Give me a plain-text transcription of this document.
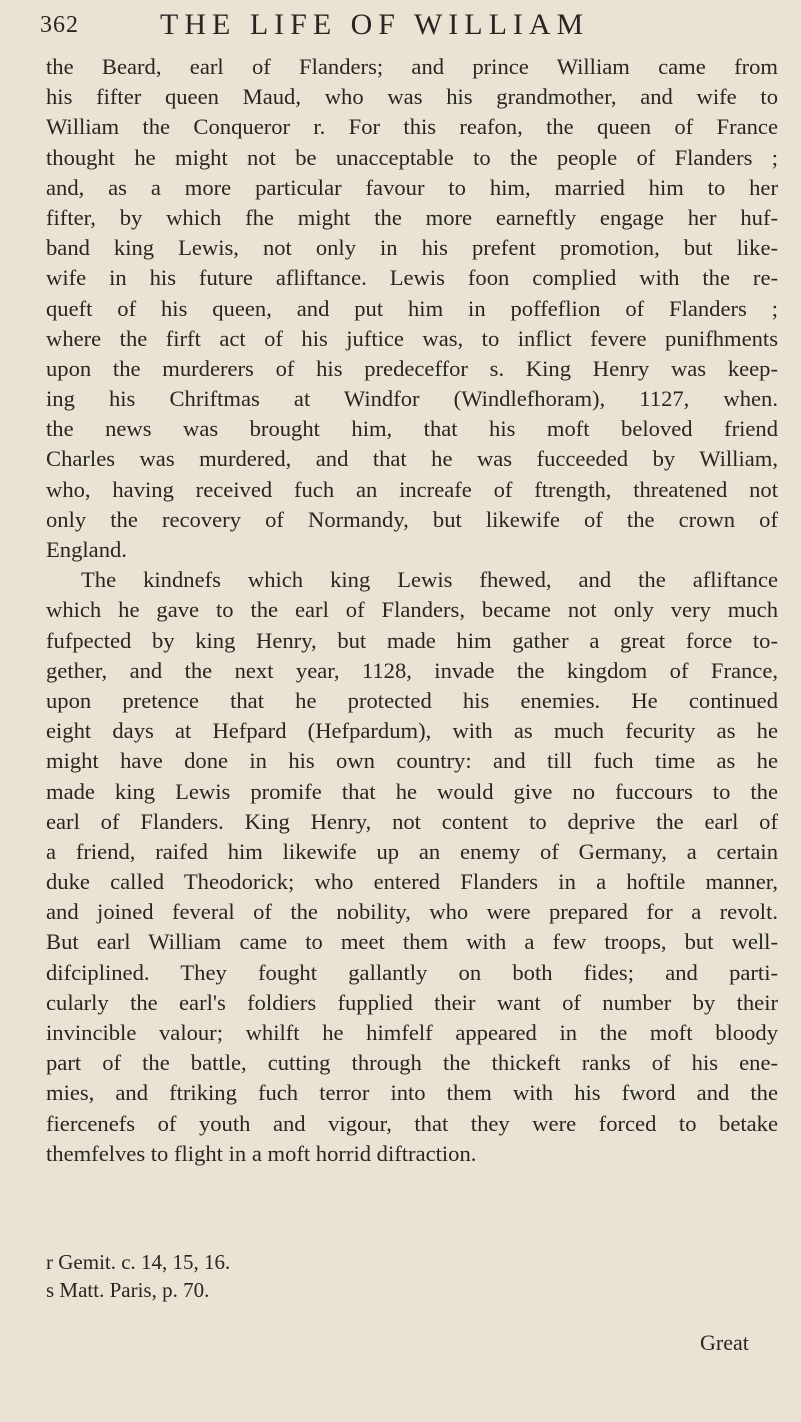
362	THE LIFE OF WILLIAM
the Beard, earl of Flanders; and prince William came from
his fifter queen Maud, who was his grandmother, and wife to
William the Conqueror r. For this reafon, the queen of France
thought he might not be unacceptable to the people of Flanders ;
and, as a more particular favour to him, married him to her
fifter, by which fhe might the more earneftly engage her huf-
band king Lewis, not only in his prefent promotion, but like-
wife in his future afliftance. Lewis foon complied with the re-
queft of his queen, and put him in poffeflion of Flanders ;
where the firft act of his juftice was, to inflict fevere punifhments
upon the murderers of his predeceffor s. King Henry was keep-
ing his Chriftmas at Windfor (Windlefhoram), 1127, when.
the news was brought him, that his moft beloved friend
Charles was murdered, and that he was fucceeded by William,
who, having received fuch an increafe of ftrength, threatened not
only the recovery of Normandy, but likewife of the crown of
England.
The kindnefs which king Lewis fhewed, and the afliftance
which he gave to the earl of Flanders, became not only very much
fufpected by king Henry, but made him gather a great force to-
gether, and the next year, 1128, invade the kingdom of France,
upon pretence that he protected his enemies. He continued
eight days at Hefpard (Hefpardum), with as much fecurity as he
might have done in his own country: and till fuch time as he
made king Lewis promife that he would give no fuccours to the
earl of Flanders. King Henry, not content to deprive the earl of
a friend, raifed him likewife up an enemy of Germany, a certain
duke called Theodorick; who entered Flanders in a hoftile manner,
and joined feveral of the nobility, who were prepared for a revolt.
But earl William came to meet them with a few troops, but well-
difciplined. They fought gallantly on both fides; and parti-
cularly the earl's foldiers fupplied their want of number by their
invincible valour; whilft he himfelf appeared in the moft bloody
part of the battle, cutting through the thickeft ranks of his ene-
mies, and ftriking fuch terror into them with his fword and the
fiercenefs of youth and vigour, that they were forced to betake
themfelves to flight in a moft horrid diftraction.
r Gemit. c. 14, 15, 16.
s Matt. Paris, p. 70.
Great
